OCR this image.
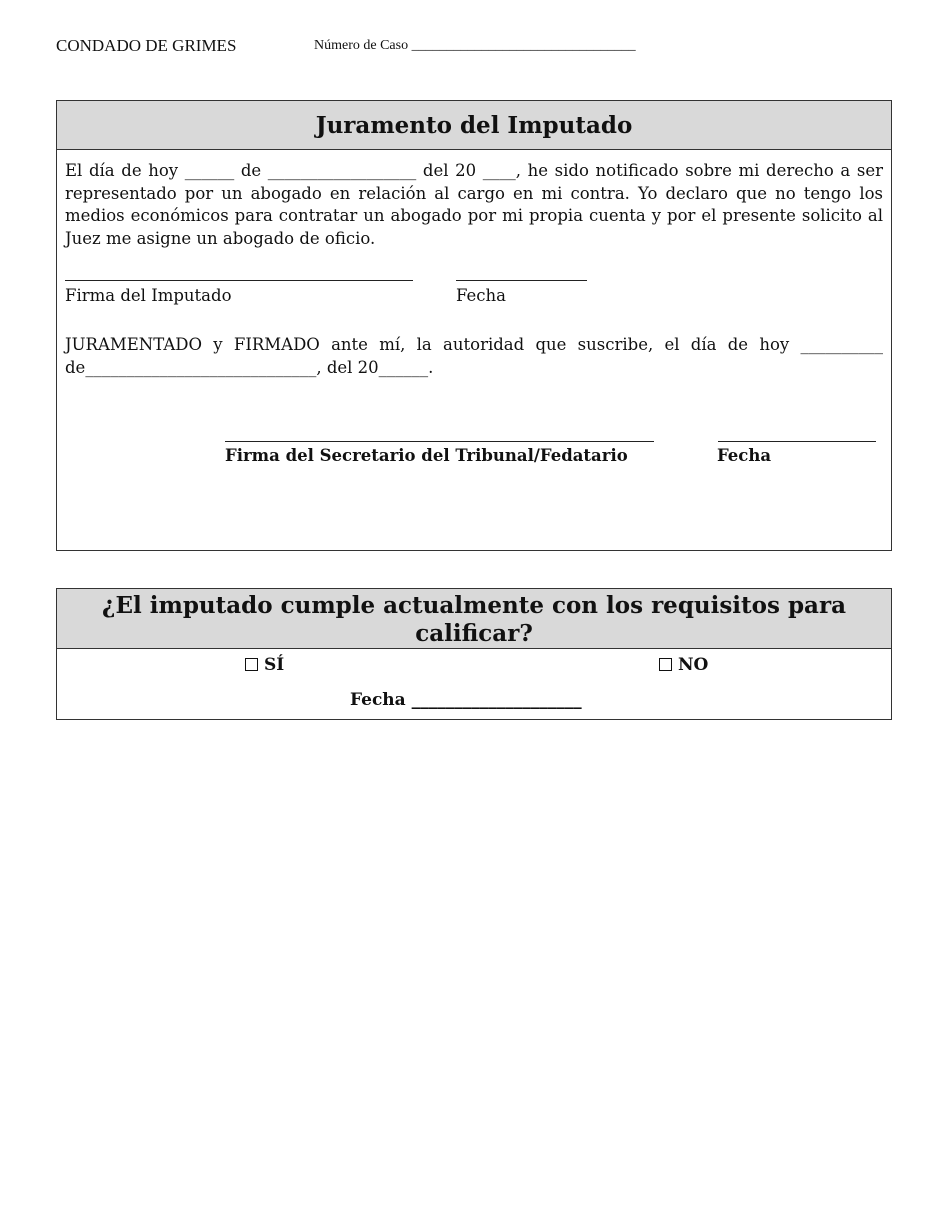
CONDADO DE GRIMES	Número de Caso ________________________________
Juramento del Imputado
El día de hoy ______ de __________________ del 20 ____, he sido notificado sobre mi derecho a ser representado por un abogado en relación al cargo en mi contra. Yo declaro que no tengo los medios económicos para contratar un abogado por mi propia cuenta y por el presente solicito al Juez me asigne un abogado de oficio.
Firma del Imputado	Fecha
JURAMENTADO y FIRMADO ante mí, la autoridad que suscribe, el día de hoy __________ de____________________________, del 20______.
Firma del Secretario del Tribunal/Fedatario	Fecha
¿El imputado cumple actualmente con los requisitos para calificar?
SÍ	NO
Fecha ____________________
